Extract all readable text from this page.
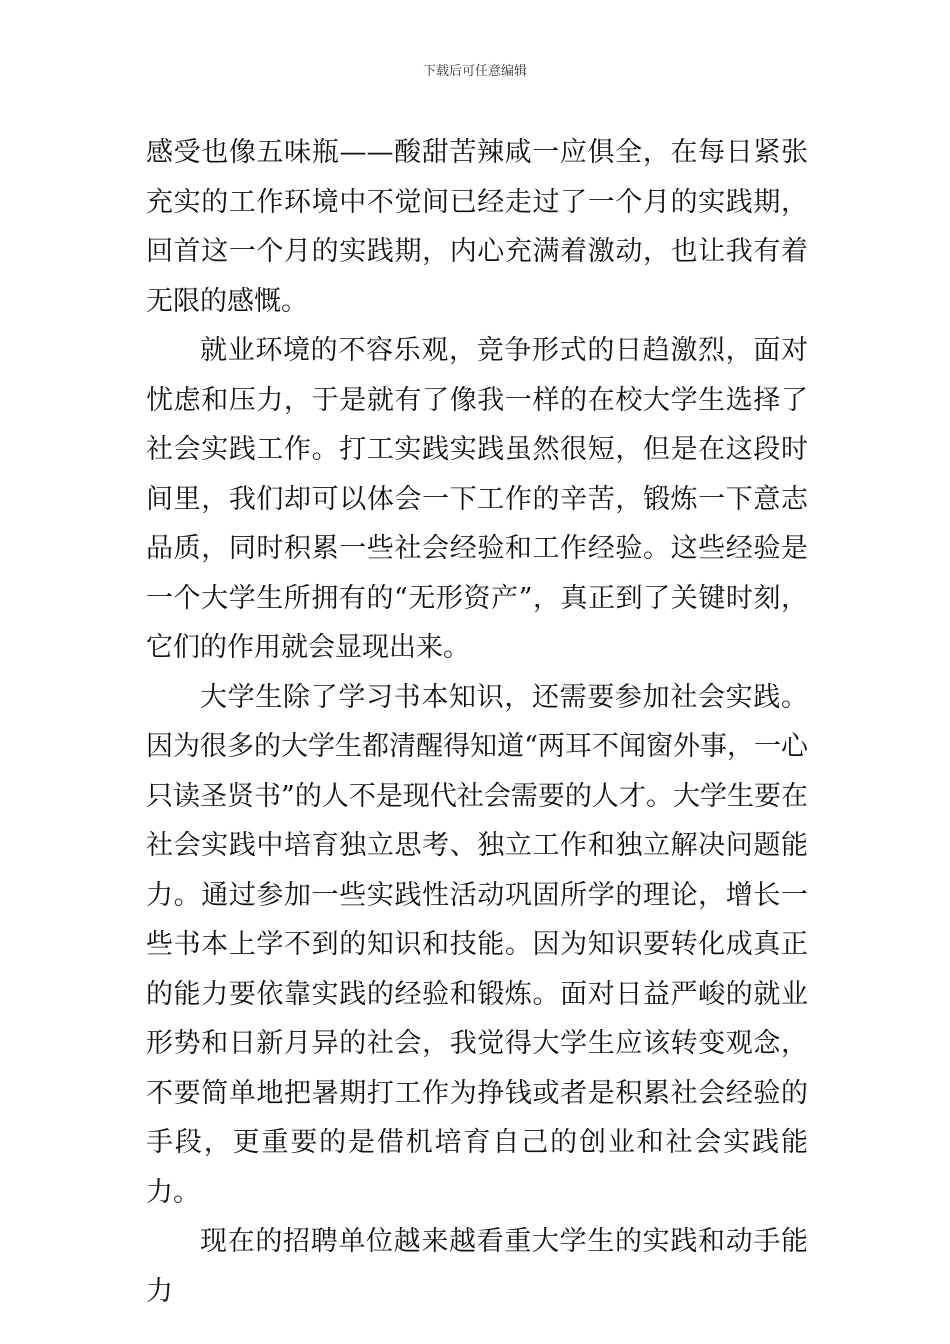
下载后可任意编辑

感受也像五味瓶——酸甜苦辣咸一应俱全，在每日紧张充实的工作环境中不觉间已经走过了一个月的实践期，回首这一个月的实践期，内心充满着激动，也让我有着无限的感慨。

就业环境的不容乐观，竞争形式的日趋激烈，面对忧虑和压力，于是就有了像我一样的在校大学生选择了社会实践工作。打工实践实践虽然很短，但是在这段时间里，我们却可以体会一下工作的辛苦，锻炼一下意志品质，同时积累一些社会经验和工作经验。这些经验是一个大学生所拥有的“无形资产”，真正到了关键时刻，它们的作用就会显现出来。

大学生除了学习书本知识，还需要参加社会实践。因为很多的大学生都清醒得知道“两耳不闻窗外事，一心只读圣贤书”的人不是现代社会需要的人才。大学生要在社会实践中培育独立思考、独立工作和独立解决问题能力。通过参加一些实践性活动巩固所学的理论，增长一些书本上学不到的知识和技能。因为知识要转化成真正的能力要依靠实践的经验和锻炼。面对日益严峻的就业形势和日新月异的社会，我觉得大学生应该转变观念，不要简单地把暑期打工作为挣钱或者是积累社会经验的手段，更重要的是借机培育自己的创业和社会实践能力。

现在的招聘单位越来越看重大学生的实践和动手能力
